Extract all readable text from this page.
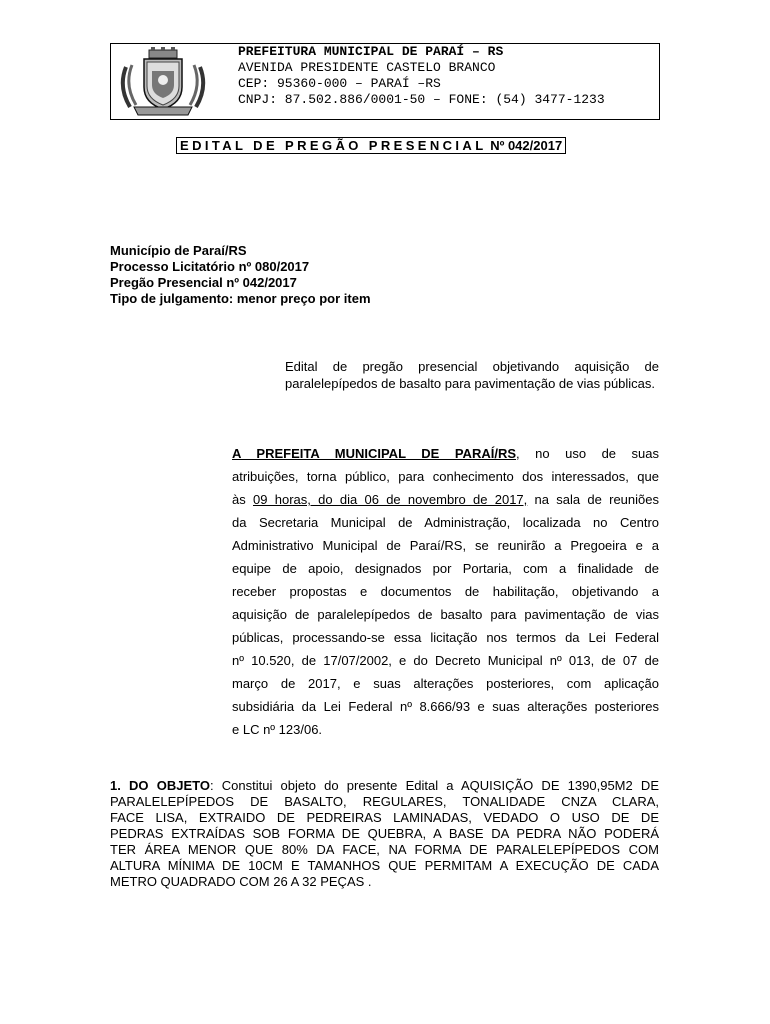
PREFEITURA MUNICIPAL DE PARAÍ – RS
AVENIDA PRESIDENTE CASTELO BRANCO
CEP: 95360-000 – PARAÍ –RS
CNPJ: 87.502.886/0001-50 – FONE: (54) 3477-1233
EDITAL DE PREGÃO PRESENCIAL Nº 042/2017
Município de Paraí/RS
Processo Licitatório nº 080/2017
Pregão Presencial nº 042/2017
Tipo de julgamento: menor preço por item
Edital de pregão presencial objetivando aquisição de paralelepípedos de basalto para pavimentação de vias públicas.
A PREFEITA MUNICIPAL DE PARAÍ/RS, no uso de suas
atribuições, torna público, para conhecimento dos interessados, que
às 09 horas, do dia 06 de novembro de 2017, na sala de reuniões
da Secretaria Municipal de Administração, localizada no Centro
Administrativo Municipal de Paraí/RS, se reunirão a Pregoeira e a
equipe de apoio, designados por Portaria, com a finalidade de
receber propostas e documentos de habilitação, objetivando a
aquisição de paralelepípedos de basalto para pavimentação de vias
públicas, processando-se essa licitação nos termos da Lei Federal
nº 10.520, de 17/07/2002, e do Decreto Municipal nº 013, de 07 de
março de 2017, e suas alterações posteriores, com aplicação
subsidiária da Lei Federal nº 8.666/93 e suas alterações posteriores
e LC nº 123/06.
1. DO OBJETO: Constitui objeto do presente Edital a AQUISIÇÃO DE 1390,95M2 DE
PARALELEPÍPEDOS DE BASALTO, REGULARES, TONALIDADE CNZA CLARA,
FACE LISA, EXTRAIDO DE PEDREIRAS LAMINADAS, VEDADO O USO DE DE
PEDRAS EXTRAÍDAS SOB FORMA DE QUEBRA, A BASE DA PEDRA NÃO PODERÁ
TER ÁREA MENOR QUE 80% DA FACE, NA FORMA DE PARALELEPÍPEDOS COM
ALTURA MÍNIMA DE 10CM E TAMANHOS QUE PERMITAM A EXECUÇÃO DE CADA
METRO QUADRADO COM 26 A 32 PEÇAS .
